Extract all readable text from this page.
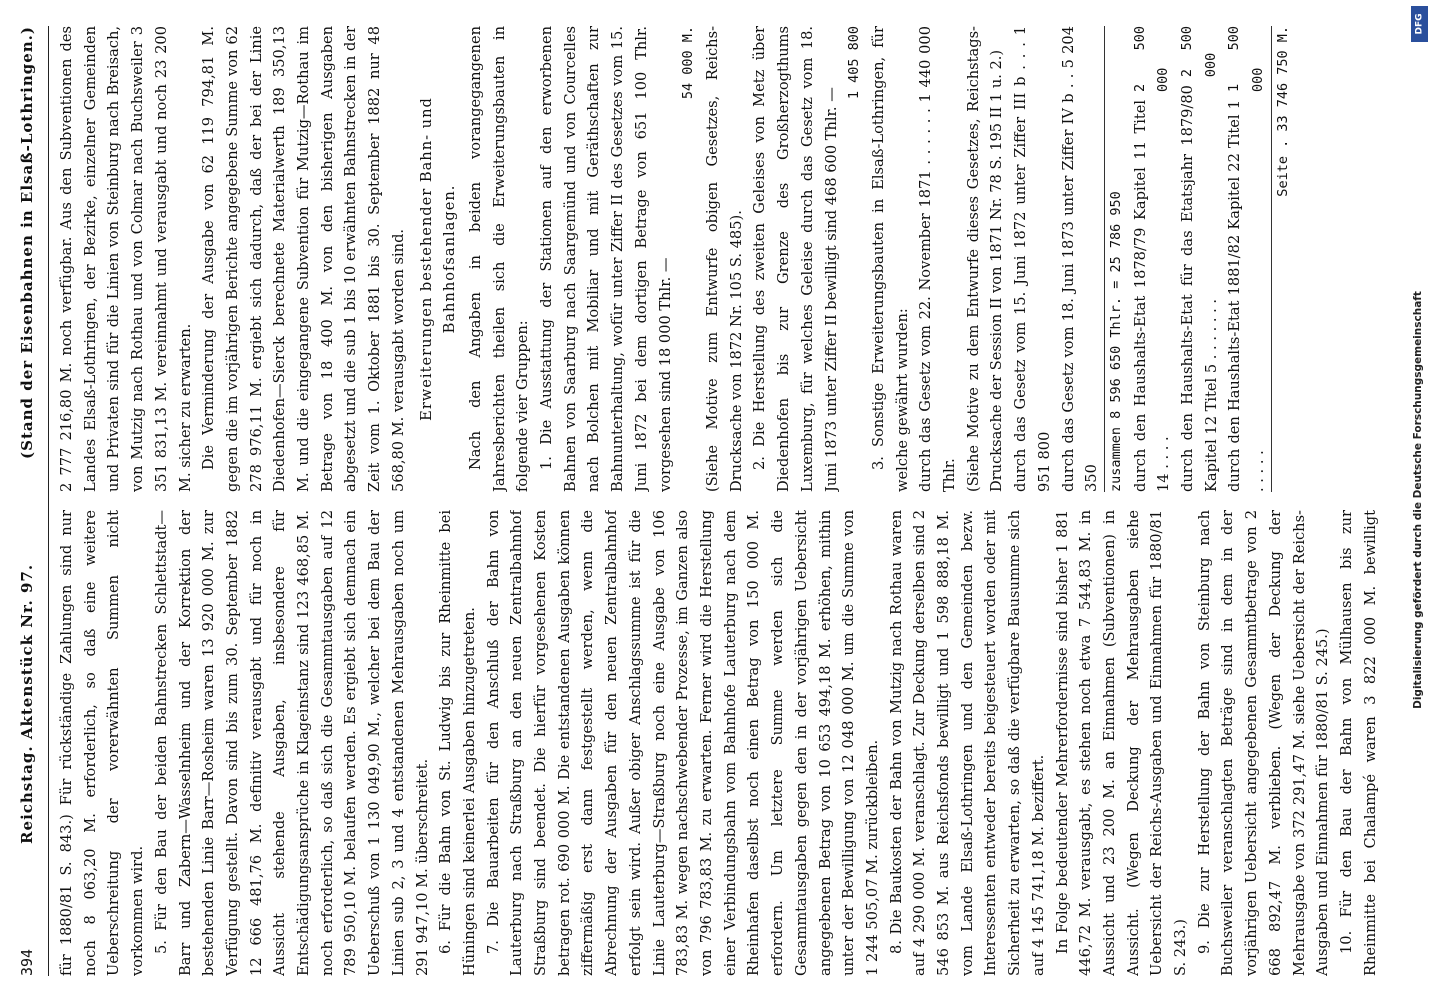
394
Reichstag. Aktenstück Nr. 97.
(Stand der Eisenbahnen in Elsaß-Lothringen.)

für 1880/81 S. 843.) Für rückständige Zahlungen sind nur noch 8 063,20 M. erforderlich, so daß eine weitere Ueberschreitung der vorerwähnten Summen nicht vorkommen wird. 5. Für den Bau der beiden Bahnstrecken Schlettstadt—Barr und Zabern—Wasselnheim und der Korrektion der bestehenden Linie Barr—Rosheim waren 13 920 000 M. zur Verfügung gestellt. Davon sind bis zum 30. September 1882 12 666 481,76 M. definitiv verausgabt und für noch in Aussicht stehende Ausgaben, insbesondere für Entschädigungsansprüche in Klageinstanz sind 123 468,85 M. noch erforderlich, so daß sich die Gesammtausgaben auf 12 789 950,10 M. belaufen werden. Es ergiebt sich demnach ein Ueberschuß von 1 130 049,90 M., welcher bei dem Bau der Linien sub 2, 3 und 4 entstandenen Mehrausgaben noch um 291 947,10 M. überschreitet. 6. Für die Bahn von St. Ludwig bis zur Rheinmitte bei Hüningen sind keinerlei Ausgaben hinzugetreten. 7. Die Bauarbeiten für den Anschluß der Bahn von Lauterburg nach Straßburg an den neuen Zentralbahnhof Straßburg sind beendet. Die hierfür vorgesehenen Kosten betragen rot. 690 000 M. Die entstandenen Ausgaben können ziffermäßig erst dann festgestellt werden, wenn die Abrechnung der Ausgaben für den neuen Zentralbahnhof erfolgt sein wird. Außer obiger Anschlagssumme ist für die Linie Lauterburg—Straßburg noch eine Ausgabe von 106 783,83 M. wegen nachschwebender Prozesse, im Ganzen also von 796 783,83 M. zu erwarten. Ferner wird die Herstellung einer Verbindungsbahn vom Bahnhofe Lauterburg nach dem Rheinhafen daselbst noch einen Betrag von 150 000 M. erfordern. Um letztere Summe werden sich die Gesammtausgaben gegen den in der vorjährigen Uebersicht angegebenen Betrag von 10 653 494,18 M. erhöhen, mithin unter der Bewilligung von 12 048 000 M. um die Summe von 1 244 505,07 M. zurückbleiben. 8. Die Baukosten der Bahn von Mutzig nach Rothau waren auf 4 290 000 M. veranschlagt. Zur Deckung derselben sind 2 546 853 M. aus Reichsfonds bewilligt und 1 598 888,18 M. vom Lande Elsaß-Lothringen und den Gemeinden bezw. Interessenten entweder bereits beigesteuert worden oder mit Sicherheit zu erwarten, so daß die verfügbare Bausumme sich auf 4 145 741,18 M. beziffert. In Folge bedeutender Mehrerfordernisse sind bisher 1 881 446,72 M. verausgabt, es stehen noch etwa 7 544,83 M. in Aussicht und 23 200 M. an Einnahmen (Subventionen) in Aussicht. (Wegen Deckung der Mehrausgaben siehe Uebersicht der Reichs-Ausgaben und Einnahmen für 1880/81 S. 243.) 9. Die zur Herstellung der Bahn von Steinburg nach Buchsweiler veranschlagten Beträge sind in dem in der vorjährigen Uebersicht angegebenen Gesammtbetrage von 2 668 892,47 M. verblieben. (Wegen der Deckung der Mehrausgabe von 372 291,47 M. siehe Uebersicht der Reichs-Ausgaben und Einnahmen für 1880/81 S. 245.) 10. Für den Bau der Bahn von Mülhausen bis zur Rheinmitte bei Chalampé waren 3 822 000 M. bewilligt

2 777 216,80 M. noch verfügbar. Aus den Subventionen des Landes Elsaß-Lothringen, der Bezirke, einzelner Gemeinden und Privaten sind für die Linien von Steinburg nach Breisach, von Mutzig nach Rothau und von Colmar nach Buchsweiler 3 351 831,13 M. vereinnahmt und verausgabt und noch 23 200 M. sicher zu erwarten. Die Verminderung der Ausgabe von 62 119 794,81 M. gegen die im vorjährigen Berichte angegebene Summe von 62 278 976,11 M. ergiebt sich dadurch, daß der bei der Linie Diedenhofen—Sierck berechnete Materialwerth 189 350,13 M. und die eingegangene Subvention für Mutzig—Rothau im Betrage von 18 400 M. von den bisherigen Ausgaben abgesetzt und die sub 1 bis 10 erwähnten Bahnstrecken in der Zeit vom 1. Oktober 1881 bis 30. September 1882 nur 48 568,80 M. verausgabt worden sind. Erweiterungen bestehender Bahn- und Bahnhofsanlagen. Nach den Angaben in beiden vorangegangenen Jahresberichten theilen sich die Erweiterungsbauten in folgende vier Gruppen: 1. Die Ausstattung der Stationen auf den erworbenen Bahnen von Saarburg nach Saargemünd und von Courcelles nach Bolchen mit Mobiliar und mit Geräthschaften zur Bahnunterhaltung, wofür unter Ziffer II des Gesetzes vom 15. Juni 1872 bei dem dortigen Betrage von 651 100 Thlr. vorgesehen sind 18 000 Thlr. —

54 000 M. (Siehe Motive zum Entwurfe obigen Gesetzes, Reichs-Drucksache von 1872 Nr. 105 S. 485). 2. Die Herstellung des zweiten Geleises von Metz über Diedenhofen bis zur Grenze des Großherzogthums Luxemburg, für welches Geleise durch das Gesetz vom 18. Juni 1873 unter Ziffer II bewilligt sind 468 600 Thlr. —

1 405 800 3. Sonstige Erweiterungsbauten in Elsaß-Lothringen, für welche gewährt wurden: durch das Gesetz vom 22. November 1871 . . . . . . 1 440 000 Thlr. (Siehe Motive zu dem Entwurfe dieses Gesetzes, Reichstags-Drucksache der Session II von 1871 Nr. 78 S. 195 II 1 u. 2.) durch das Gesetz vom 15. Juni 1872 unter Ziffer III b . . . 1 951 800 durch das Gesetz vom 18. Juni 1873 unter Ziffer IV b . . 5 204 350 zusammen 8 596 650 Thlr. = 25 786 950 durch den Haushalts-Etat 1878/79 Kapitel 11 Titel 14 . . . .
2 500 000
durch den Haushalts-Etat für das Etatsjahr 1879/80 Kapitel 12 Titel 5 . . . . . . .
2 500 000
durch den Haushalts-Etat 1881/82 Kapitel 22 Titel 1 . . . . .
1 500 000 Seite . 33 746 750 M.
DFG
Digitalisierung gefördert durch die Deutsche Forschungsgemeinschaft
